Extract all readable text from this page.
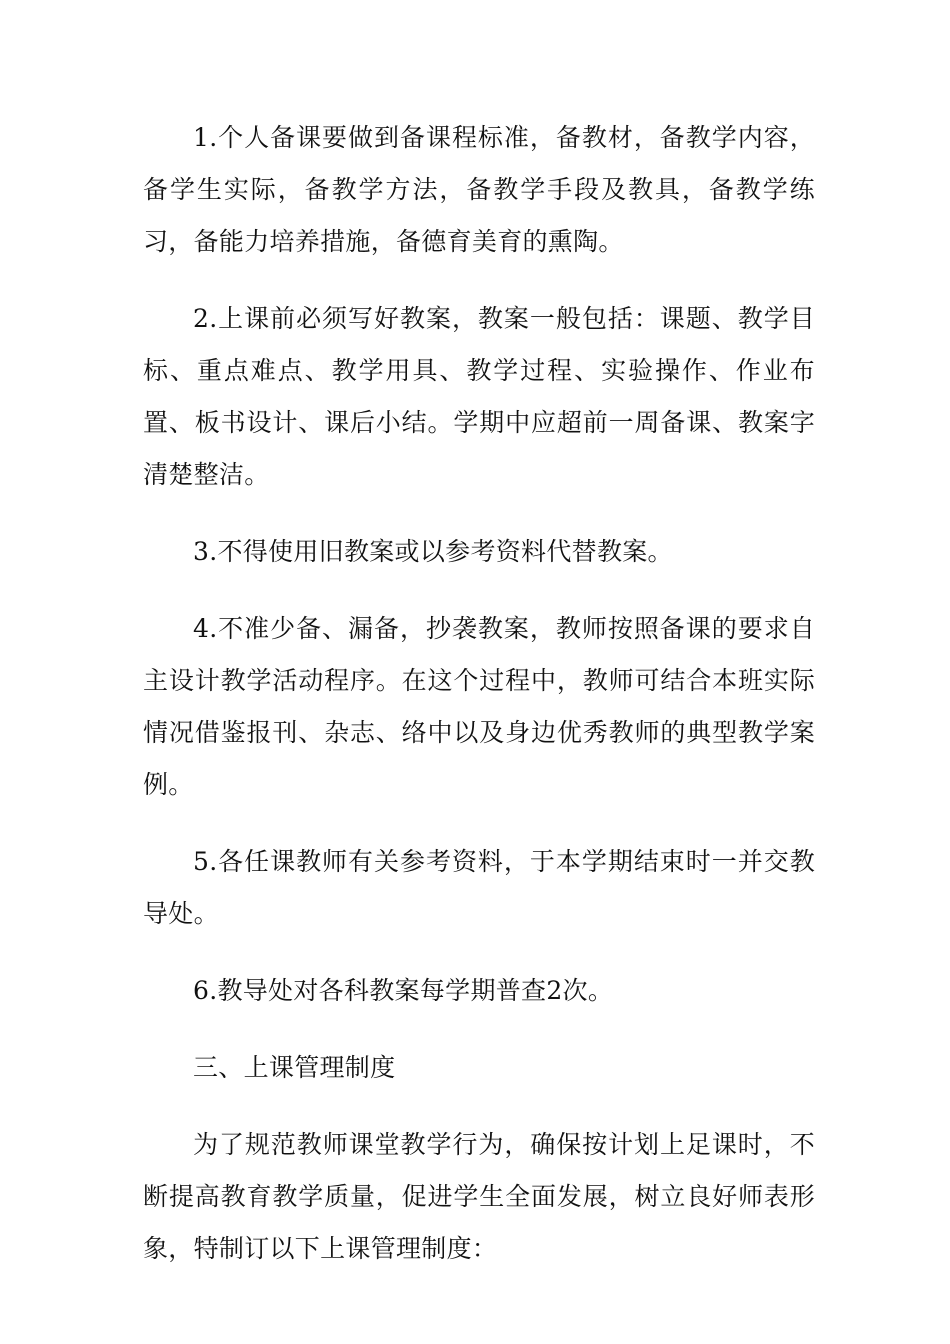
1.个人备课要做到备课程标准，备教材，备教学内容，备学生实际，备教学方法，备教学手段及教具，备教学练习，备能力培养措施，备德育美育的熏陶。

2.上课前必须写好教案，教案一般包括：课题、教学目标、重点难点、教学用具、教学过程、实验操作、作业布置、板书设计、课后小结。学期中应超前一周备课、教案字清楚整洁。

3.不得使用旧教案或以参考资料代替教案。

4.不准少备、漏备，抄袭教案，教师按照备课的要求自主设计教学活动程序。在这个过程中，教师可结合本班实际情况借鉴报刊、杂志、络中以及身边优秀教师的典型教学案例。

5.各任课教师有关参考资料，于本学期结束时一并交教导处。

6.教导处对各科教案每学期普查2次。

三、上课管理制度

为了规范教师课堂教学行为，确保按计划上足课时，不断提高教育教学质量，促进学生全面发展，树立良好师表形象，特制订以下上课管理制度：
